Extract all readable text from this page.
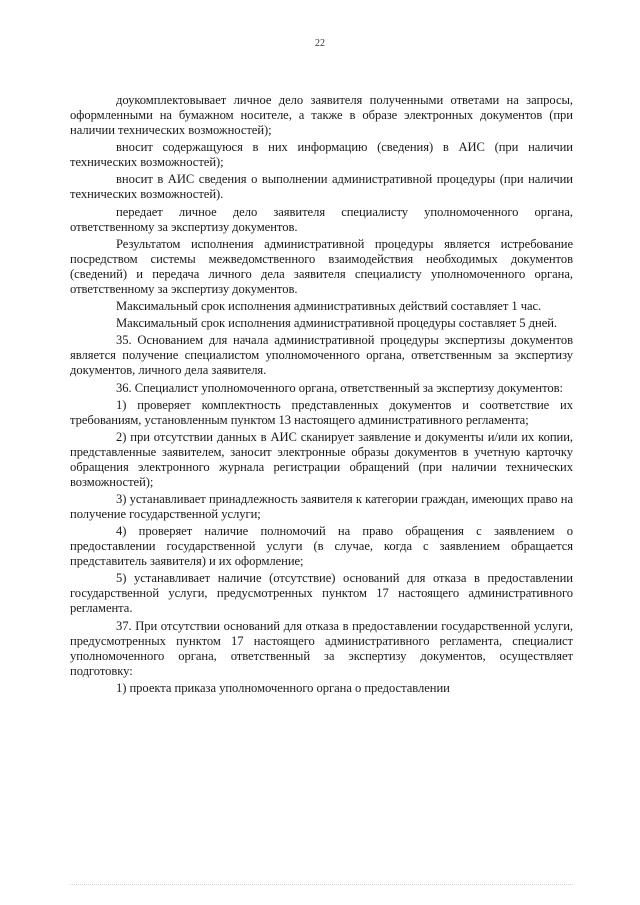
22

доукомплектовывает личное дело заявителя полученными ответами на запросы, оформленными на бумажном носителе, а также в образе электронных документов (при наличии технических возможностей);

вносит содержащуюся в них информацию (сведения) в АИС (при наличии технических возможностей);

вносит в АИС сведения о выполнении административной процедуры (при наличии технических возможностей).

передает личное дело заявителя специалисту уполномоченного органа, ответственному за экспертизу документов.

Результатом исполнения административной процедуры является истребование посредством системы межведомственного взаимодействия необходимых документов (сведений) и передача личного дела заявителя специалисту уполномоченного органа, ответственному за экспертизу документов.

Максимальный срок исполнения административных действий составляет 1 час.

Максимальный срок исполнения административной процедуры составляет 5 дней.

35. Основанием для начала административной процедуры экспертизы документов является получение специалистом уполномоченного органа, ответственным за экспертизу документов, личного дела заявителя.

36. Специалист уполномоченного органа, ответственный за экспертизу документов:

1) проверяет комплектность представленных документов и соответствие их требованиям, установленным пунктом 13 настоящего административного регламента;

2) при отсутствии данных в АИС сканирует заявление и документы и/или их копии, представленные заявителем, заносит электронные образы документов в учетную карточку обращения электронного журнала регистрации обращений (при наличии технических возможностей);

3) устанавливает принадлежность заявителя к категории граждан, имеющих право на получение государственной услуги;

4) проверяет наличие полномочий на право обращения с заявлением о предоставлении государственной услуги (в случае, когда с заявлением обращается представитель заявителя) и их оформление;

5) устанавливает наличие (отсутствие) оснований для отказа в предоставлении государственной услуги, предусмотренных пунктом 17 настоящего административного регламента.

37. При отсутствии оснований для отказа в предоставлении государственной услуги, предусмотренных пунктом 17 настоящего административного регламента, специалист уполномоченного органа, ответственный за экспертизу документов, осуществляет подготовку:

1) проекта приказа уполномоченного органа о предоставлении
